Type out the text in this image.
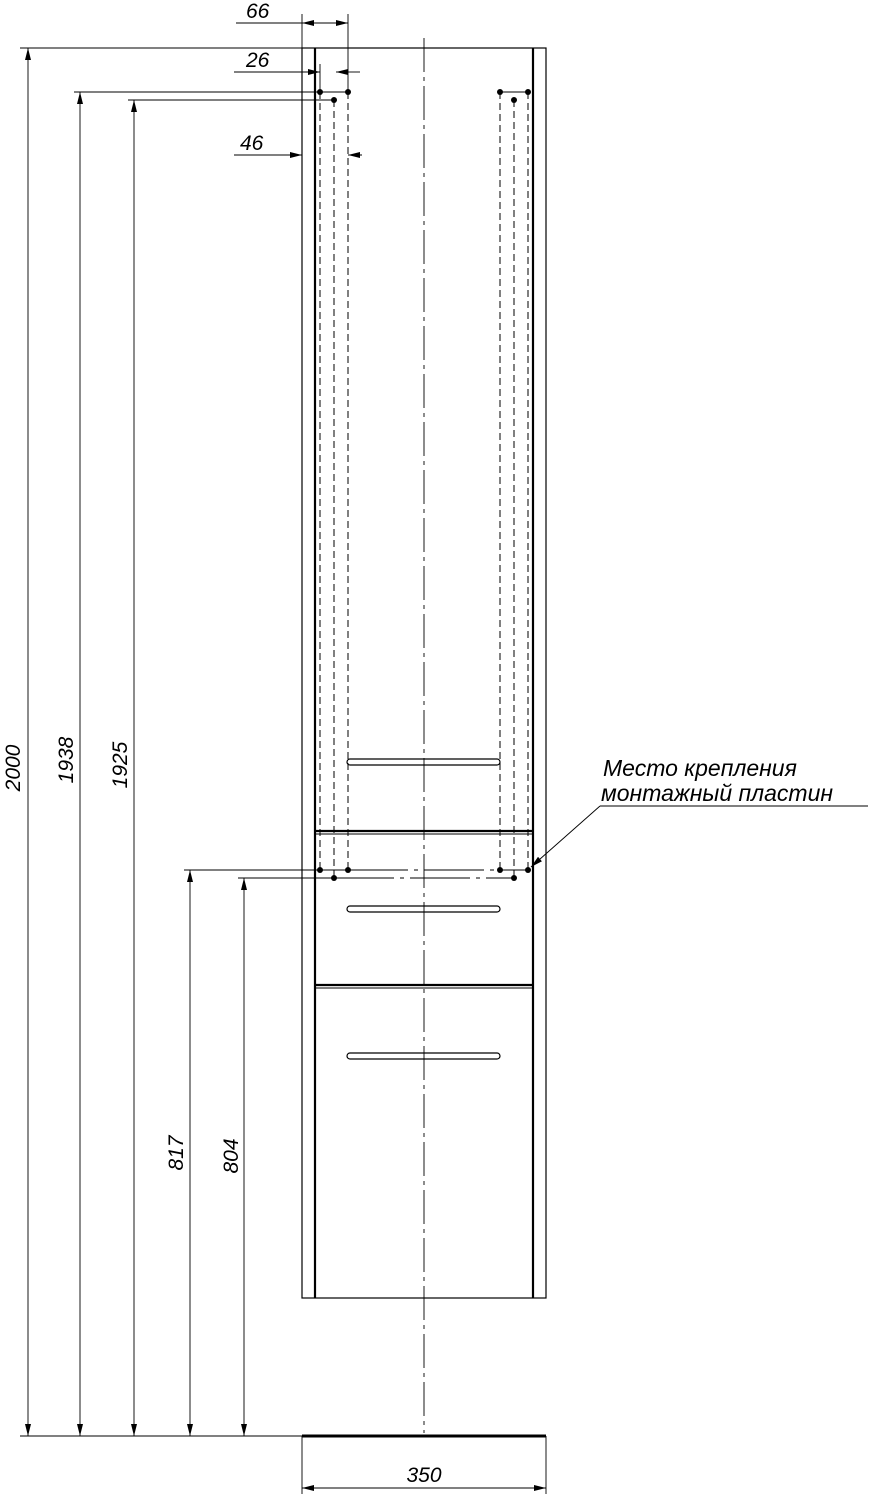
66
26
46
2000 1938 1925
817 804
350
Место крепления
монтажный пластин
